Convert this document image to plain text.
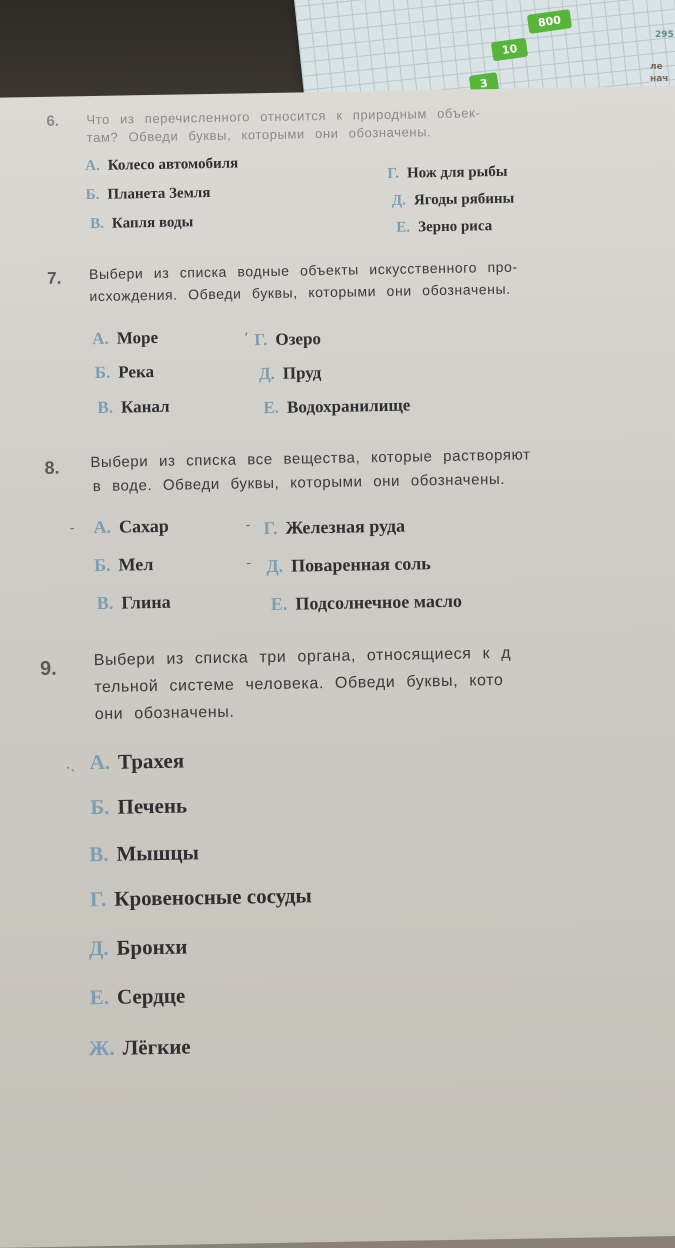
800
10
3
295
ле
нач
6. Что из перечисленного относится к природным объек-
там? Обведи буквы, которыми они обозначены.
А. Колесо автомобиля
Б. Планета Земля
В. Капля воды
Г. Нож для рыбы
Д. Ягоды рябины
Е. Зерно риса
7. Выбери из списка водные объекты искусственного про-
исхождения. Обведи буквы, которыми они обозначены.
А. Море
Б. Река
В. Канал
‘ Г. Озеро
Д. Пруд
Е. Водохранилище
8. Выбери из списка все вещества, которые растворяют
в воде. Обведи буквы, которыми они обозначены.
‐ А. Сахар
Б. Мел
В. Глина
‐ Г. Железная руда
‐ Д. Поваренная соль
Е. Подсолнечное масло
9. Выбери из списка три органа, относящиеся к д
тельной системе человека. Обведи буквы, кото
они обозначены.
.ˎ А. Трахея
Б. Печень
В. Мышцы
Г. Кровеносные сосуды
Д. Бронхи
Е. Сердце
Ж. Лёгкие
